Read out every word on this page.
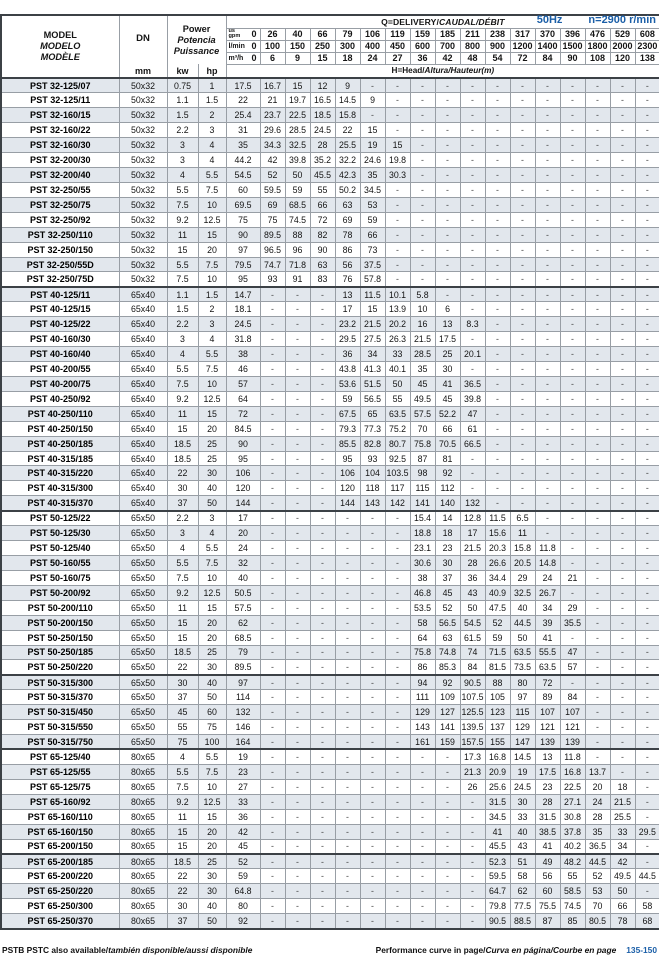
50Hz n=2900 r/min
MODEL
MODELO
MODÈLE

DN
mm

Power
Potencia
Puissance
	Q=DELIVERY/CAUDAL/DÉBIT

				us
gpm 0	26	40	66	79	106	119	159	185	211	238	317	370	396	476	529	608

				l/min 0	100	150	250	300	400	450	600	700	800	900	1200	1400	1500	1800	2000	2300

				m³/h 0	6	9	15	18	24	27	36	42	48	54	72	84	90	108	120	138
		kw	hp	H=Head/Altura/Hauteur(m)																
PST 32-125/07	50x32	0.75	1	17.5	16.7	15	12	9	-	-	-	-	-	-	-	-	-	-	-	-
PST 32-125/11	50x32	1.1	1.5	22	21	19.7	16.5	14.5	9	-	-	-	-	-	-	-	-	-	-	-
PST 32-160/15	50x32	1.5	2	25.4	23.7	22.5	18.5	15.8	-	-	-	-	-	-	-	-	-	-	-	-
PST 32-160/22	50x32	2.2	3	31	29.6	28.5	24.5	22	15	-	-	-	-	-	-	-	-	-	-	-
PST 32-160/30	50x32	3	4	35	34.3	32.5	28	25.5	19	15	-	-	-	-	-	-	-	-	-	-
PST 32-200/30	50x32	3	4	44.2	42	39.8	35.2	32.2	24.6	19.8	-	-	-	-	-	-	-	-	-	-
PST 32-200/40	50x32	4	5.5	54.5	52	50	45.5	42.3	35	30.3	-	-	-	-	-	-	-	-	-	-
PST 32-250/55	50x32	5.5	7.5	60	59.5	59	55	50.2	34.5	-	-	-	-	-	-	-	-	-	-	-
PST 32-250/75	50x32	7.5	10	69.5	69	68.5	66	63	53	-	-	-	-	-	-	-	-	-	-	-
PST 32-250/92	50x32	9.2	12.5	75	75	74.5	72	69	59	-	-	-	-	-	-	-	-	-	-	-
PST 32-250/110	50x32	11	15	90	89.5	88	82	78	66	-	-	-	-	-	-	-	-	-	-	-
PST 32-250/150	50x32	15	20	97	96.5	96	90	86	73	-	-	-	-	-	-	-	-	-	-	-
PST 32-250/55D	50x32	5.5	7.5	79.5	74.7	71.8	63	56	37.5	-	-	-	-	-	-	-	-	-	-	-
PST 32-250/75D	50x32	7.5	10	95	93	91	83	76	57.8	-	-	-	-	-	-	-	-	-	-	-
PST 40-125/11	65x40	1.1	1.5	14.7	-	-	-	13	11.5	10.1	5.8	-	-	-	-	-	-	-	-	-
PST 40-125/15	65x40	1.5	2	18.1	-	-	-	17	15	13.9	10	6	-	-	-	-	-	-	-	-
PST 40-125/22	65x40	2.2	3	24.5	-	-	-	23.2	21.5	20.2	16	13	8.3	-	-	-	-	-	-	-
PST 40-160/30	65x40	3	4	31.8	-	-	-	29.5	27.5	26.3	21.5	17.5	-	-	-	-	-	-	-	-
PST 40-160/40	65x40	4	5.5	38	-	-	-	36	34	33	28.5	25	20.1	-	-	-	-	-	-	-
PST 40-200/55	65x40	5.5	7.5	46	-	-	-	43.8	41.3	40.1	35	30	-	-	-	-	-	-	-	-
PST 40-200/75	65x40	7.5	10	57	-	-	-	53.6	51.5	50	45	41	36.5	-	-	-	-	-	-	-
PST 40-250/92	65x40	9.2	12.5	64	-	-	-	59	56.5	55	49.5	45	39.8	-	-	-	-	-	-	-
PST 40-250/110	65x40	11	15	72	-	-	-	67.5	65	63.5	57.5	52.2	47	-	-	-	-	-	-	-
PST 40-250/150	65x40	15	20	84.5	-	-	-	79.3	77.3	75.2	70	66	61	-	-	-	-	-	-	-
PST 40-250/185	65x40	18.5	25	90	-	-	-	85.5	82.8	80.7	75.8	70.5	66.5	-	-	-	-	-	-	-
PST 40-315/185	65x40	18.5	25	95	-	-	-	95	93	92.5	87	81	-	-	-	-	-	-	-	-
PST 40-315/220	65x40	22	30	106	-	-	-	106	104	103.5	98	92	-	-	-	-	-	-	-	-
PST 40-315/300	65x40	30	40	120	-	-	-	120	118	117	115	112	-	-	-	-	-	-	-	-
PST 40-315/370	65x40	37	50	144	-	-	-	144	143	142	141	140	132	-	-	-	-	-	-	-
PST 50-125/22	65x50	2.2	3	17	-	-	-	-	-	-	15.4	14	12.8	11.5	6.5	-	-	-	-	-
PST 50-125/30	65x50	3	4	20	-	-	-	-	-	-	18.8	18	17	15.6	11	-	-	-	-	-
PST 50-125/40	65x50	4	5.5	24	-	-	-	-	-	-	23.1	23	21.5	20.3	15.8	11.8	-	-	-	-
PST 50-160/55	65x50	5.5	7.5	32	-	-	-	-	-	-	30.6	30	28	26.6	20.5	14.8	-	-	-	-
PST 50-160/75	65x50	7.5	10	40	-	-	-	-	-	-	38	37	36	34.4	29	24	21	-	-	-
PST 50-200/92	65x50	9.2	12.5	50.5	-	-	-	-	-	-	46.8	45	43	40.9	32.5	26.7	-	-	-	-
PST 50-200/110	65x50	11	15	57.5	-	-	-	-	-	-	53.5	52	50	47.5	40	34	29	-	-	-
PST 50-200/150	65x50	15	20	62	-	-	-	-	-	-	58	56.5	54.5	52	44.5	39	35.5	-	-	-
PST 50-250/150	65x50	15	20	68.5	-	-	-	-	-	-	64	63	61.5	59	50	41	-	-	-	-
PST 50-250/185	65x50	18.5	25	79	-	-	-	-	-	-	75.8	74.8	74	71.5	63.5	55.5	47	-	-	-
PST 50-250/220	65x50	22	30	89.5	-	-	-	-	-	-	86	85.3	84	81.5	73.5	63.5	57	-	-	-
PST 50-315/300	65x50	30	40	97	-	-	-	-	-	-	94	92	90.5	88	80	72	-	-	-	-
PST 50-315/370	65x50	37	50	114	-	-	-	-	-	-	111	109	107.5	105	97	89	84	-	-	-
PST 50-315/450	65x50	45	60	132	-	-	-	-	-	-	129	127	125.5	123	115	107	107	-	-	-
PST 50-315/550	65x50	55	75	146	-	-	-	-	-	-	143	141	139.5	137	129	121	121	-	-	-
PST 50-315/750	65x50	75	100	164	-	-	-	-	-	-	161	159	157.5	155	147	139	139	-	-	-
PST 65-125/40	80x65	4	5.5	19	-	-	-	-	-	-	-	-	17.3	16.8	14.5	13	11.8	-	-	-
PST 65-125/55	80x65	5.5	7.5	23	-	-	-	-	-	-	-	-	21.3	20.9	19	17.5	16.8	13.7	-	-
PST 65-125/75	80x65	7.5	10	27	-	-	-	-	-	-	-	-	26	25.6	24.5	23	22.5	20	18	-
PST 65-160/92	80x65	9.2	12.5	33	-	-	-	-	-	-	-	-	-	31.5	30	28	27.1	24	21.5	-
PST 65-160/110	80x65	11	15	36	-	-	-	-	-	-	-	-	-	34.5	33	31.5	30.8	28	25.5	-
PST 65-160/150	80x65	15	20	42	-	-	-	-	-	-	-	-	-	41	40	38.5	37.8	35	33	29.5
PST 65-200/150	80x65	15	20	45	-	-	-	-	-	-	-	-	-	45.5	43	41	40.2	36.5	34	-
PST 65-200/185	80x65	18.5	25	52	-	-	-	-	-	-	-	-	-	52.3	51	49	48.2	44.5	42	-
PST 65-200/220	80x65	22	30	59	-	-	-	-	-	-	-	-	-	59.5	58	56	55	52	49.5	44.5
PST 65-250/220	80x65	22	30	64.8	-	-	-	-	-	-	-	-	-	64.7	62	60	58.5	53	50	-
PST 65-250/300	80x65	30	40	80	-	-	-	-	-	-	-	-	-	79.8	77.5	75.5	74.5	70	66	58
PST 65-250/370	80x65	37	50	92	-	-	-	-	-	-	-	-	-	90.5	88.5	87	85	80.5	78	68
PSTB PSTC also available/también disponible/aussi disponible	Performance curve in page/ Curva en página/Courbe en page 135-150
